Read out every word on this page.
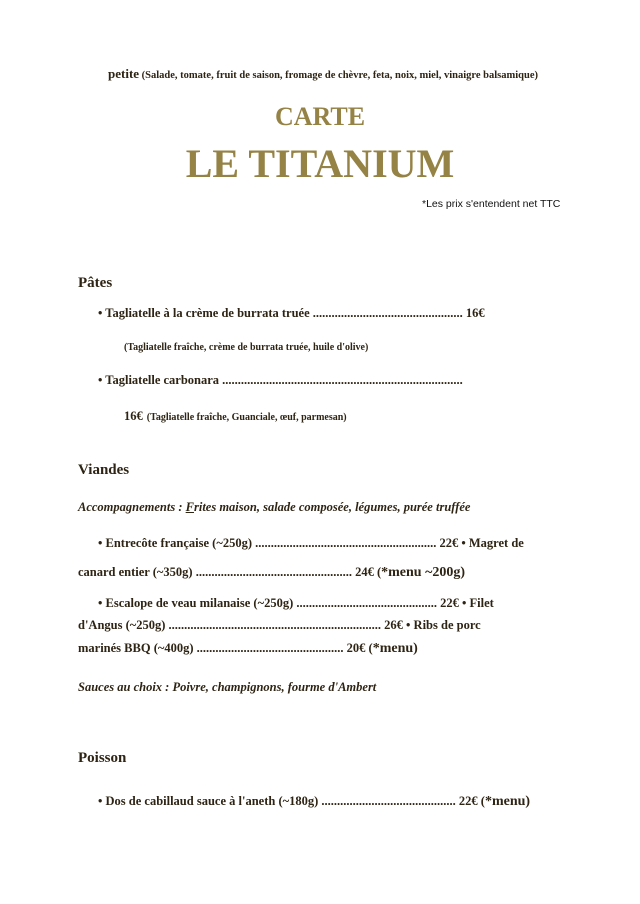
petite (Salade, tomate, fruit de saison, fromage de chèvre, feta, noix, miel, vinaigre balsamique)
CARTE
LE TITANIUM
*Les prix s'entendent net TTC
Pâtes
• Tagliatelle à la crème de burrata truée ................................................ 16€
(Tagliatelle fraîche, crème de burrata truée, huile d'olive)
• Tagliatelle carbonara .............................................................................
16€ (Tagliatelle fraîche, Guanciale, œuf, parmesan)
Viandes
Accompagnements : Frites maison, salade composée, légumes, purée truffée
• Entrecôte française (~250g) .......................................................... 22€ • Magret de
canard entier (~350g) .................................................. 24€ (*menu ~200g)
• Escalope de veau milanaise (~250g) ............................................. 22€ • Filet
d'Angus (~250g) .................................................................... 26€ • Ribs de porc
marinés BBQ (~400g) ............................................... 20€ (*menu)
Sauces au choix : Poivre, champignons, fourme d'Ambert
Poisson
• Dos de cabillaud sauce à l'aneth (~180g) ........................................... 22€ (*menu)
